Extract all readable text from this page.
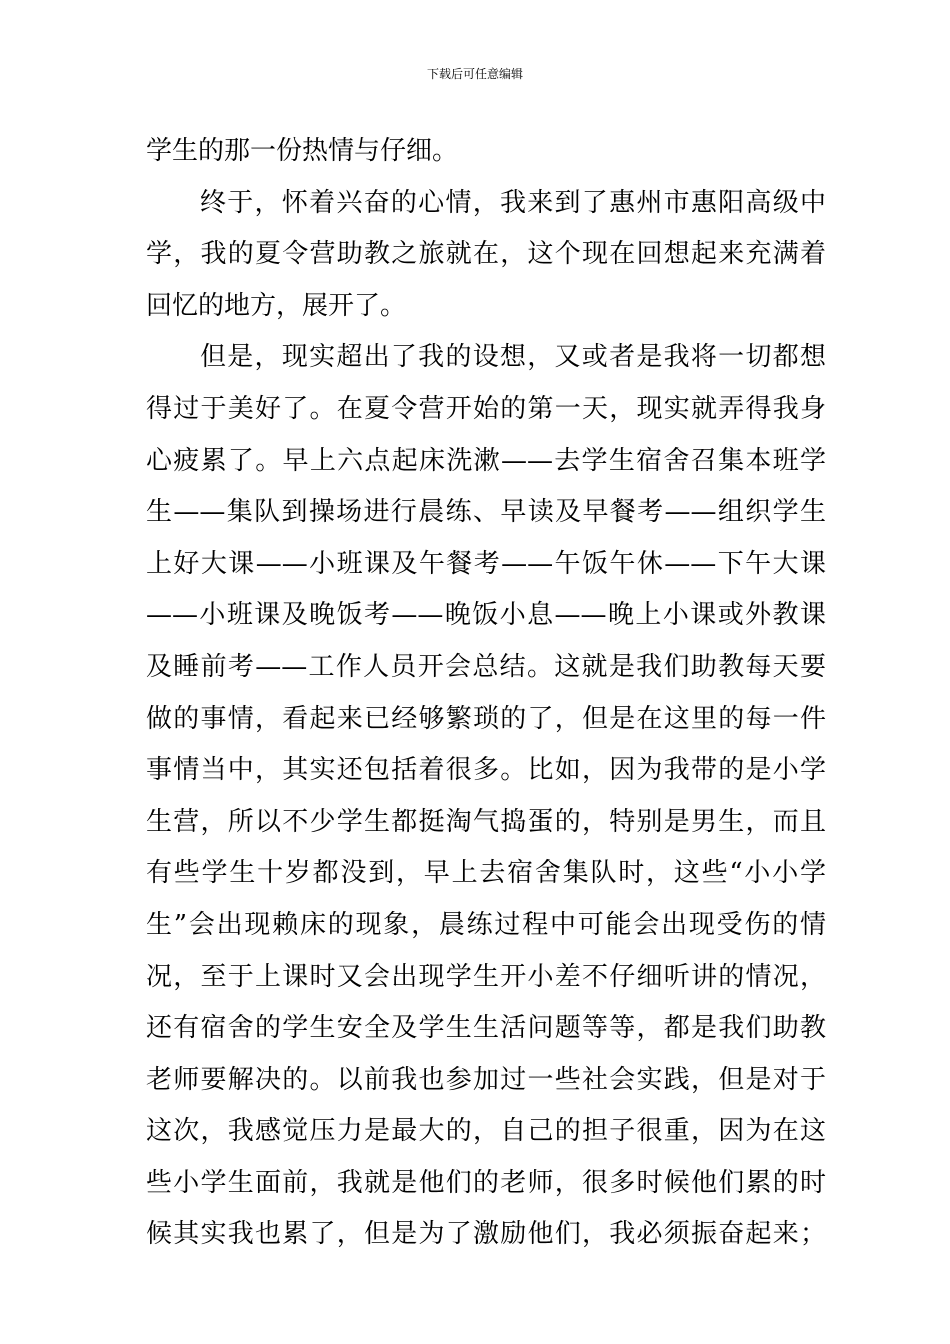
下载后可任意编辑
学生的那一份热情与仔细。
终于，怀着兴奋的心情，我来到了惠州市惠阳高级中
学，我的夏令营助教之旅就在，这个现在回想起来充满着
回忆的地方，展开了。
但是，现实超出了我的设想，又或者是我将一切都想
得过于美好了。在夏令营开始的第一天，现实就弄得我身
心疲累了。早上六点起床洗漱——去学生宿舍召集本班学
生——集队到操场进行晨练、早读及早餐考——组织学生
上好大课——小班课及午餐考——午饭午休——下午大课
——小班课及晚饭考——晚饭小息——晚上小课或外教课
及睡前考——工作人员开会总结。这就是我们助教每天要
做的事情，看起来已经够繁琐的了，但是在这里的每一件
事情当中，其实还包括着很多。比如，因为我带的是小学
生营，所以不少学生都挺淘气捣蛋的，特别是男生，而且
有些学生十岁都没到，早上去宿舍集队时，这些“小小学
生”会出现赖床的现象，晨练过程中可能会出现受伤的情
况，至于上课时又会出现学生开小差不仔细听讲的情况，
还有宿舍的学生安全及学生生活问题等等，都是我们助教
老师要解决的。以前我也参加过一些社会实践，但是对于
这次，我感觉压力是最大的，自己的担子很重，因为在这
些小学生面前，我就是他们的老师，很多时候他们累的时
候其实我也累了，但是为了激励他们，我必须振奋起来；
